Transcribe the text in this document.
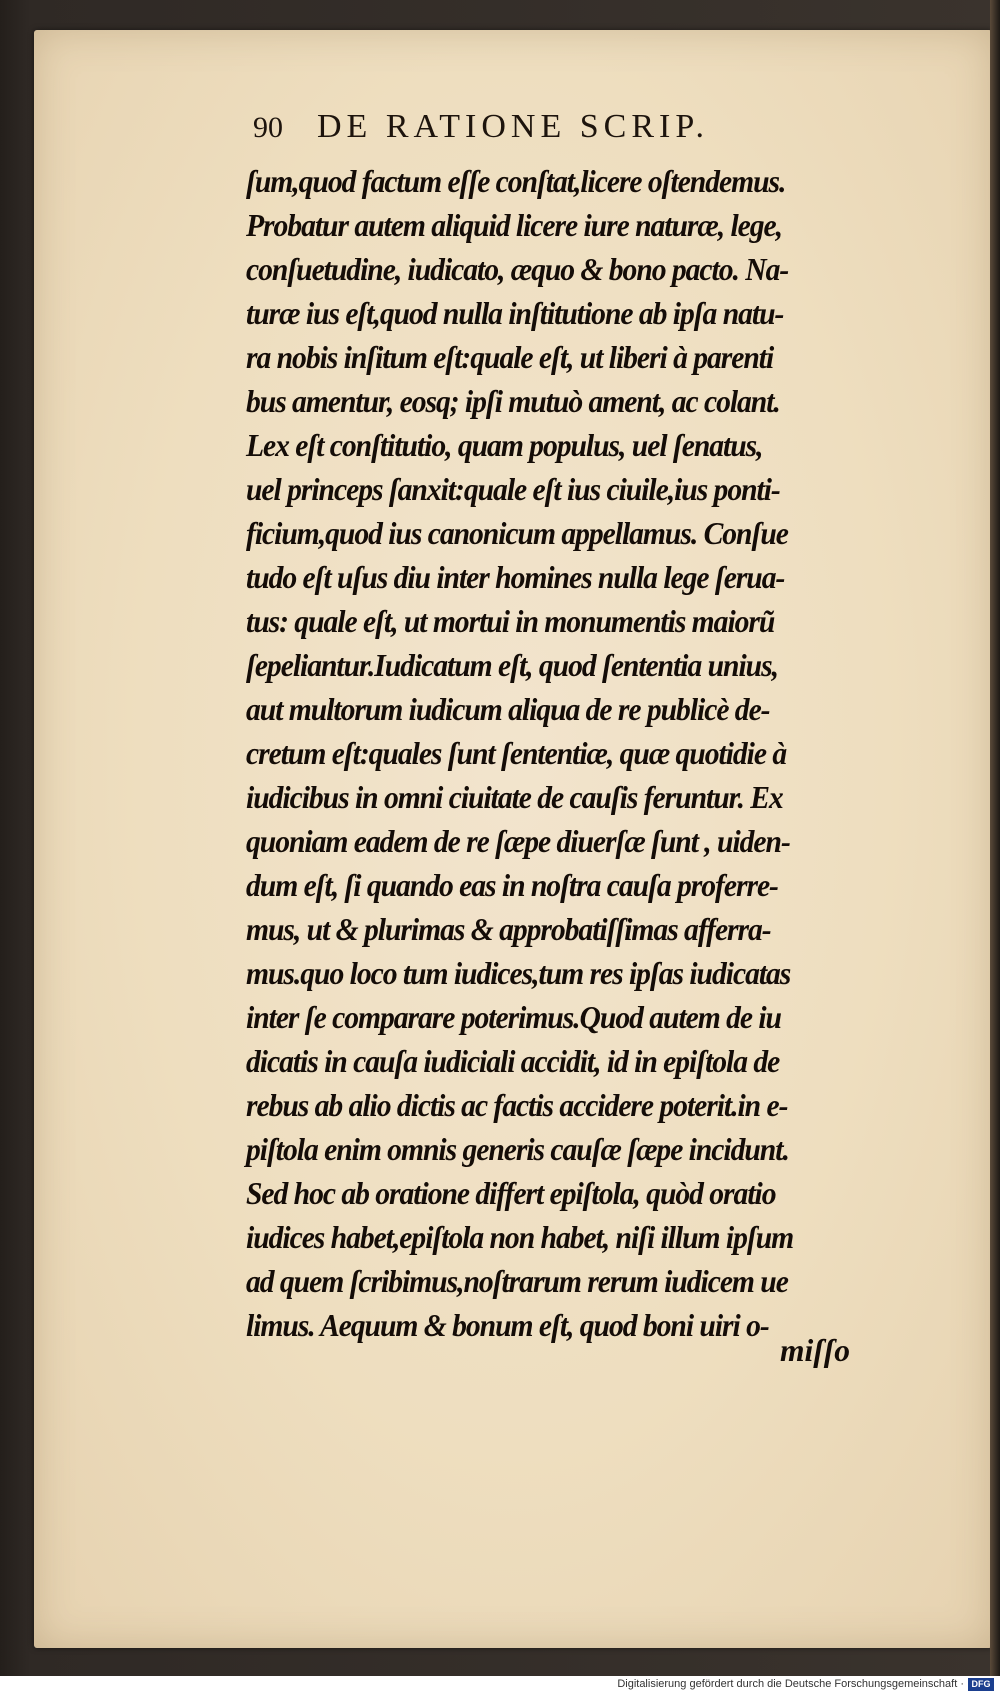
90 DE RATIONE SCRIP.
ſum,quod factum eſſe conſtat,licere oſtendemus.
Probatur autem aliquid licere iure naturæ, lege,
conſuetudine, iudicato, æquo & bono pacto. Na-
turæ ius eſt,quod nulla inſtitutione ab ipſa natu-
ra nobis inſitum eſt:quale eſt, ut liberi à parenti
bus amentur, eosq; ipſi mutuò ament, ac colant.
Lex eſt conſtitutio, quam populus, uel ſenatus,
uel princeps ſanxit:quale eſt ius ciuile,ius ponti-
ficium,quod ius canonicum appellamus. Conſue
tudo eſt uſus diu inter homines nulla lege ſerua-
tus: quale eſt, ut mortui in monumentis maiorũ
ſepeliantur.Iudicatum eſt, quod ſententia unius,
aut multorum iudicum aliqua de re publicè de-
cretum eſt:quales ſunt ſententiæ, quæ quotidie à
iudicibus in omni ciuitate de cauſis feruntur. Ex
quoniam eadem de re ſæpe diuerſæ ſunt , uiden-
dum eſt, ſi quando eas in noſtra cauſa proferre-
mus, ut & plurimas & approbatiſſimas afferra-
mus.quo loco tum iudices,tum res ipſas iudicatas
inter ſe comparare poterimus.Quod autem de iu
dicatis in cauſa iudiciali accidit, id in epiſtola de
rebus ab alio dictis ac factis accidere poterit.in e-
piſtola enim omnis generis cauſæ ſæpe incidunt.
Sed hoc ab oratione differt epiſtola, quòd oratio
iudices habet,epiſtola non habet, niſi illum ipſum
ad quem ſcribimus,noſtrarum rerum iudicem ue
limus. Aequum & bonum eſt, quod boni uiri o-
miſſo
Digitalisierung gefördert durch die Deutsche Forschungsgemeinschaft · DFG
